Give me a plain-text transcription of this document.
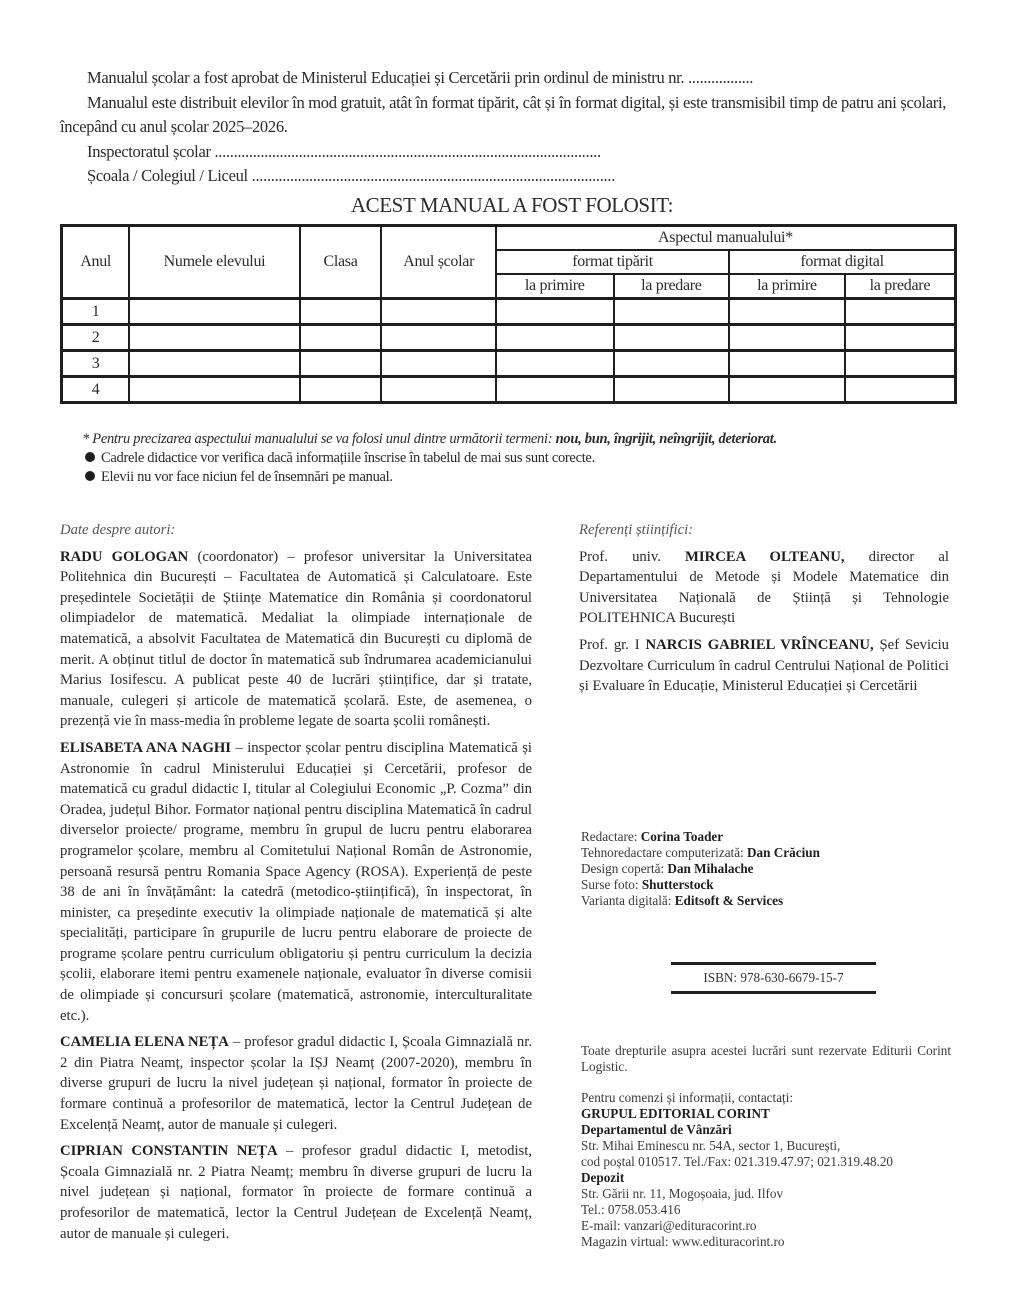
Manualul școlar a fost aprobat de Ministerul Educației și Cercetării prin ordinul de ministru nr. .................

Manualul este distribuit elevilor în mod gratuit, atât în format tipărit, cât și în format digital, și este transmisibil timp de patru ani școlari, începând cu anul școlar 2025–2026.

Inspectoratul școlar .....................................................................................................

Școala / Colegiul / Liceul ...............................................................................................

ACEST MANUAL A FOST FOLOSIT:
Anul	Numele elevului	Clasa	Anul școlar	Aspectul manualului*			
				format tipărit		format digital	
				la primire	la predare	la primire	la predare
1							
2							
3							
4							
* Pentru precizarea aspectului manualului se va folosi unul dintre următorii termeni: nou, bun, îngrijit, neîngrijit, deteriorat.
Cadrele didactice vor verifica dacă informațiile înscrise în tabelul de mai sus sunt corecte.
Elevii nu vor face niciun fel de însemnări pe manual.
Date despre autori:

RADU GOLOGAN (coordonator) – profesor universitar la Universitatea Politehnica din București – Facultatea de Automatică și Calculatoare. Este președintele Societății de Științe Matematice din România și coordonatorul olimpiadelor de matematică. Medaliat la olimpiade internaționale de matematică, a absolvit Facultatea de Matematică din București cu diplomă de merit. A obținut titlul de doctor în matematică sub îndrumarea academicianului Marius Iosifescu. A publicat peste 40 de lucrări științifice, dar și tratate, manuale, culegeri și articole de matematică școlară. Este, de asemenea, o prezență vie în mass-media în probleme legate de soarta școlii românești.

ELISABETA ANA NAGHI – inspector școlar pentru disciplina Matematică și Astronomie în cadrul Ministerului Educației și Cercetării, profesor de matematică cu gradul didactic I, titular al Colegiului Economic „P. Cozma” din Oradea, județul Bihor. Formator național pentru disciplina Matematică în cadrul diverselor proiecte/ programe, membru în grupul de lucru pentru elaborarea programelor școlare, membru al Comitetului Național Român de Astronomie, persoană resursă pentru Romania Space Agency (ROSA). Experiență de peste 38 de ani în învățământ: la catedră (metodico-științifică), în inspectorat, în minister, ca președinte executiv la olimpiade naționale de matematică și alte specialități, participare în grupurile de lucru pentru elaborare de proiecte de programe școlare pentru curriculum obligatoriu și pentru curriculum la decizia școlii, elaborare itemi pentru examenele naționale, evaluator în diverse comisii de olimpiade și concursuri școlare (matematică, astronomie, interculturalitate etc.).

CAMELIA ELENA NEȚA – profesor gradul didactic I, Școala Gimnazială nr. 2 din Piatra Neamț, inspector școlar la IȘJ Neamț (2007-2020), membru în diverse grupuri de lucru la nivel județean și național, formator în proiecte de formare continuă a profesorilor de matematică, lector la Centrul Județean de Excelență Neamț, autor de manuale și culegeri.

CIPRIAN CONSTANTIN NEȚA – profesor gradul didactic I, metodist, Școala Gimnazială nr. 2 Piatra Neamț; membru în diverse grupuri de lucru la nivel județean și național, formator în proiecte de formare continuă a profesorilor de matematică, lector la Centrul Județean de Excelență Neamț, autor de manuale și culegeri.

Referenți științifici:

Prof. univ. MIRCEA OLTEANU, director al Departamentului de Metode și Modele Matematice din Universitatea Națională de Știință și Tehnologie POLITEHNICA București

Prof. gr. I NARCIS GABRIEL VRÎNCEANU, Șef Seviciu Dezvoltare Curriculum în cadrul Centrului Național de Politici și Evaluare în Educație, Ministerul Educației și Cercetării

Redactare: Corina Toader
Tehnoredactare computerizată: Dan Crăciun
Design copertă: Dan Mihalache
Surse foto: Shutterstock
Varianta digitală: Editsoft & Services
ISBN: 978-630-6679-15-7
Toate drepturile asupra acestei lucrări sunt rezervate Editurii Corint Logistic.
Pentru comenzi și informații, contactați:
GRUPUL EDITORIAL CORINT
Departamentul de Vânzări
Str. Mihai Eminescu nr. 54A, sector 1, București,
cod poștal 010517. Tel./Fax: 021.319.47.97; 021.319.48.20
Depozit
Str. Gării nr. 11, Mogoșoaia, jud. Ilfov
Tel.: 0758.053.416
E-mail: vanzari@edituracorint.ro
Magazin virtual: www.edituracorint.ro
